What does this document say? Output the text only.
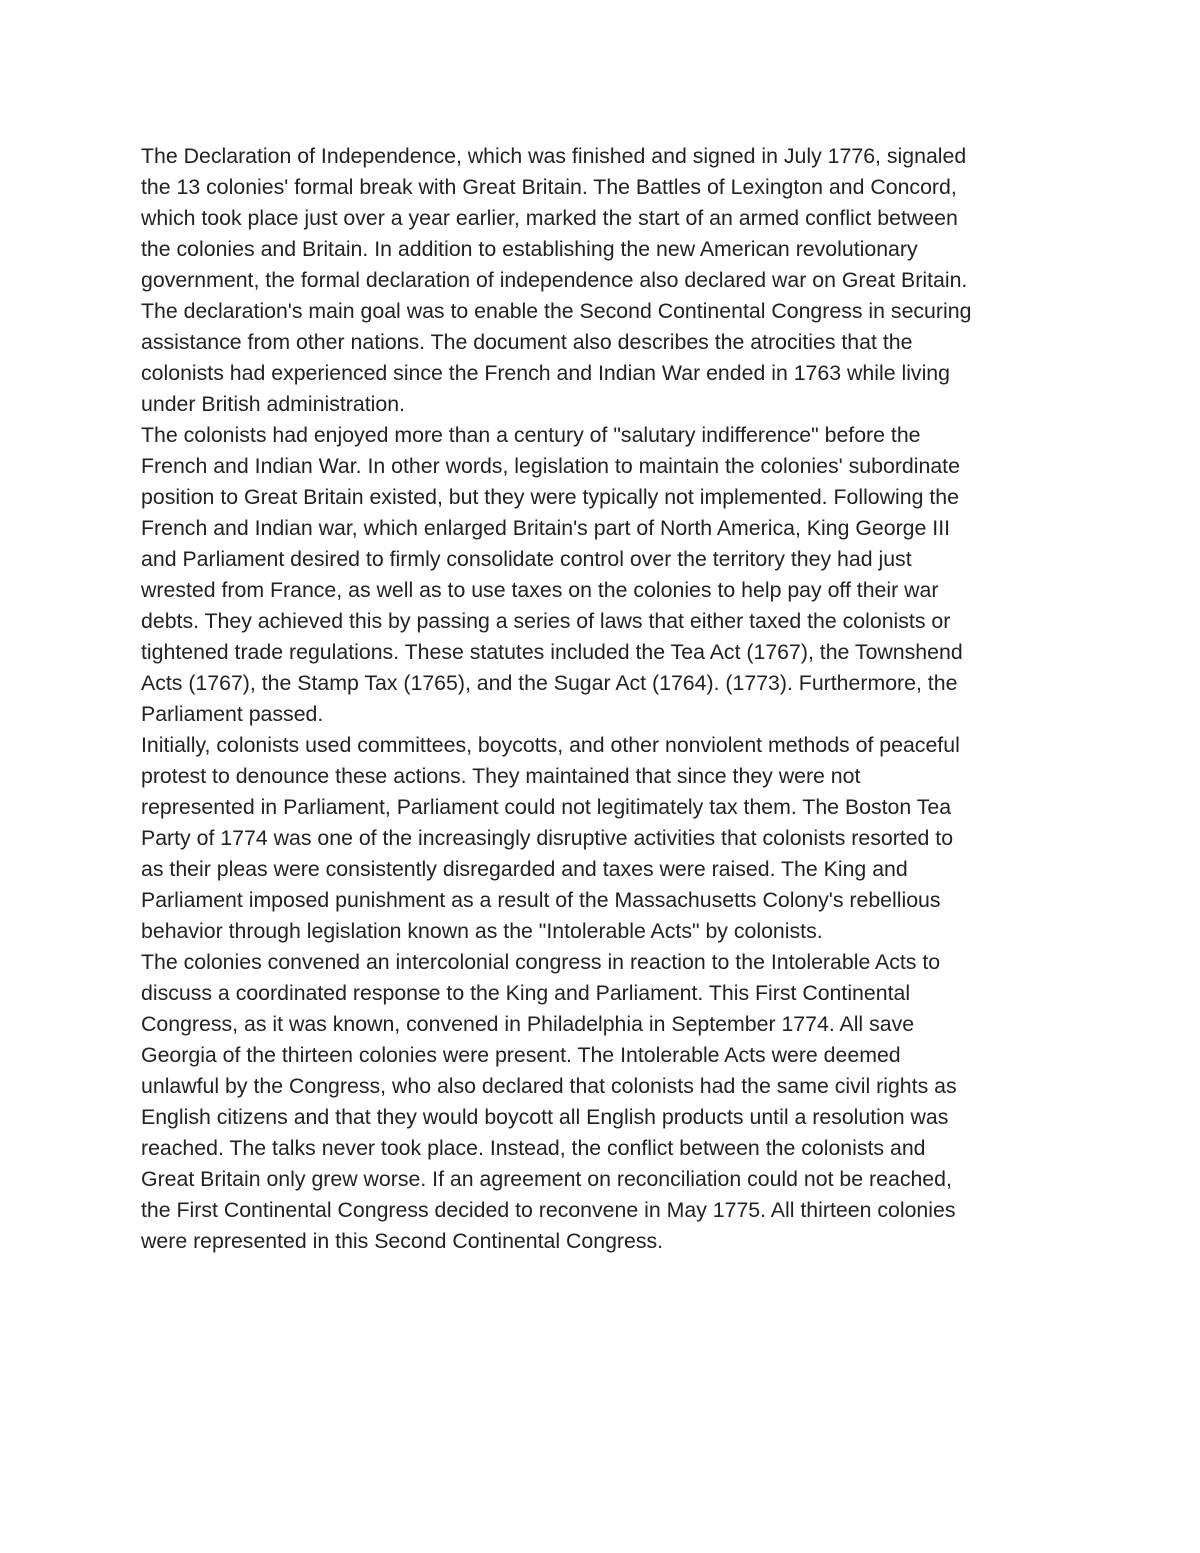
The Declaration of Independence, which was finished and signed in July 1776, signaled
the 13 colonies' formal break with Great Britain. The Battles of Lexington and Concord,
which took place just over a year earlier, marked the start of an armed conflict between
the colonies and Britain. In addition to establishing the new American revolutionary
government, the formal declaration of independence also declared war on Great Britain.
The declaration's main goal was to enable the Second Continental Congress in securing
assistance from other nations. The document also describes the atrocities that the
colonists had experienced since the French and Indian War ended in 1763 while living
under British administration.

The colonists had enjoyed more than a century of "salutary indifference" before the
French and Indian War. In other words, legislation to maintain the colonies' subordinate
position to Great Britain existed, but they were typically not implemented. Following the
French and Indian war, which enlarged Britain's part of North America, King George III
and Parliament desired to firmly consolidate control over the territory they had just
wrested from France, as well as to use taxes on the colonies to help pay off their war
debts. They achieved this by passing a series of laws that either taxed the colonists or
tightened trade regulations. These statutes included the Tea Act (1767), the Townshend
Acts (1767), the Stamp Tax (1765), and the Sugar Act (1764). (1773). Furthermore, the
Parliament passed.

Initially, colonists used committees, boycotts, and other nonviolent methods of peaceful
protest to denounce these actions. They maintained that since they were not
represented in Parliament, Parliament could not legitimately tax them. The Boston Tea
Party of 1774 was one of the increasingly disruptive activities that colonists resorted to
as their pleas were consistently disregarded and taxes were raised. The King and
Parliament imposed punishment as a result of the Massachusetts Colony's rebellious
behavior through legislation known as the "Intolerable Acts" by colonists.

The colonies convened an intercolonial congress in reaction to the Intolerable Acts to
discuss a coordinated response to the King and Parliament. This First Continental
Congress, as it was known, convened in Philadelphia in September 1774. All save
Georgia of the thirteen colonies were present. The Intolerable Acts were deemed
unlawful by the Congress, who also declared that colonists had the same civil rights as
English citizens and that they would boycott all English products until a resolution was
reached. The talks never took place. Instead, the conflict between the colonists and
Great Britain only grew worse. If an agreement on reconciliation could not be reached,
the First Continental Congress decided to reconvene in May 1775. All thirteen colonies
were represented in this Second Continental Congress.
